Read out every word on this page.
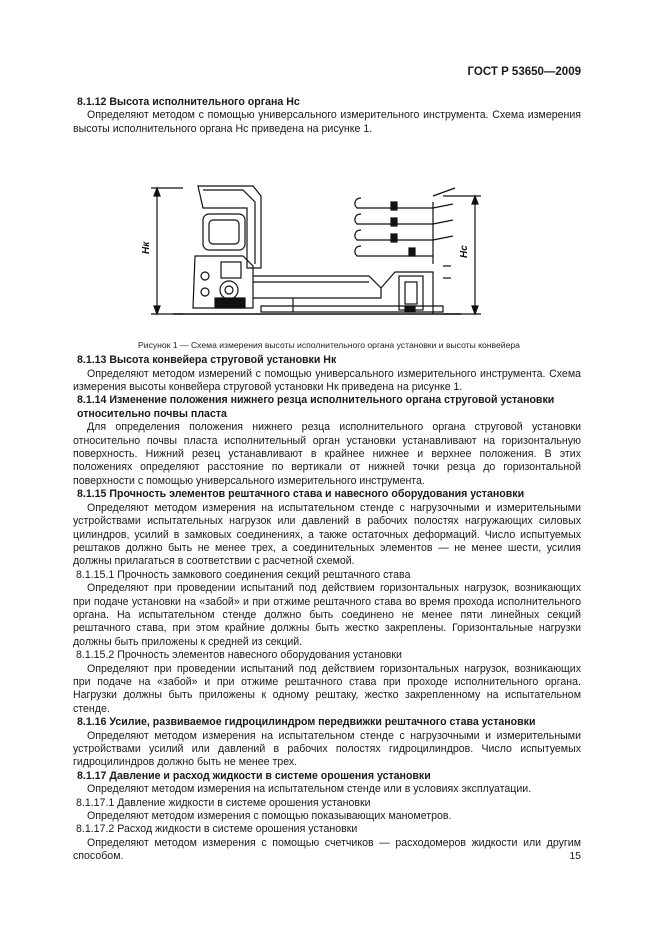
ГОСТ Р 53650—2009

8.1.12 Высота исполнительного органа Нс

Определяют методом с помощью универсального измерительного инструмента. Схема измерения высоты исполнительного органа Нс приведена на рисунке 1.

Нк	Нс
Рисунок 1 — Схема измерения высоты исполнительного органа установки и высоты конвейера

8.1.13 Высота конвейера струговой установки Нк

Определяют методом измерений с помощью универсального измерительного инструмента. Схема измерения высоты конвейера струговой установки Нк приведена на рисунке 1.

8.1.14 Изменение положения нижнего резца исполнительного органа струговой установки относительно почвы пласта

Для определения положения нижнего резца исполнительного органа струговой установки относительно почвы пласта исполнительный орган установки устанавливают на горизонтальную поверхность. Нижний резец устанавливают в крайнее нижнее и верхнее положения. В этих положениях определяют расстояние по вертикали от нижней точки резца до горизонтальной поверхности с помощью универсального измерительного инструмента.

8.1.15 Прочность элементов рештачного става и навесного оборудования установки

Определяют методом измерения на испытательном стенде с нагрузочными и измерительными устройствами испытательных нагрузок или давлений в рабочих полостях нагружающих силовых цилиндров, усилий в замковых соединениях, а также остаточных деформаций. Число испытуемых рештаков должно быть не менее трех, а соединительных элементов — не менее шести, усилия должны прилагаться в соответствии с расчетной схемой.

8.1.15.1 Прочность замкового соединения секций рештачного става

Определяют при проведении испытаний под действием горизонтальных нагрузок, возникающих при подаче установки на «забой» и при отжиме рештачного става во время прохода исполнительного органа. На испытательном стенде должно быть соединено не менее пяти линейных секций рештачного става, при этом крайние должны быть жестко закреплены. Горизонтальные нагрузки должны быть приложены к средней из секций.

8.1.15.2 Прочность элементов навесного оборудования установки

Определяют при проведении испытаний под действием горизонтальных нагрузок, возникающих при подаче на «забой» и при отжиме рештачного става при проходе исполнительного органа. Нагрузки должны быть приложены к одному рештаку, жестко закрепленному на испытательном стенде.

8.1.16 Усилие, развиваемое гидроцилиндром передвижки рештачного става установки

Определяют методом измерения на испытательном стенде с нагрузочными и измерительными устройствами усилий или давлений в рабочих полостях гидроцилиндров. Число испытуемых гидроцилиндров должно быть не менее трех.

8.1.17 Давление и расход жидкости в системе орошения установки

Определяют методом измерения на испытательном стенде или в условиях эксплуатации.

8.1.17.1 Давление жидкости в системе орошения установки

Определяют методом измерения с помощью показывающих манометров.

8.1.17.2 Расход жидкости в системе орошения установки

Определяют методом измерения с помощью счетчиков — расходомеров жидкости или другим способом.	15
